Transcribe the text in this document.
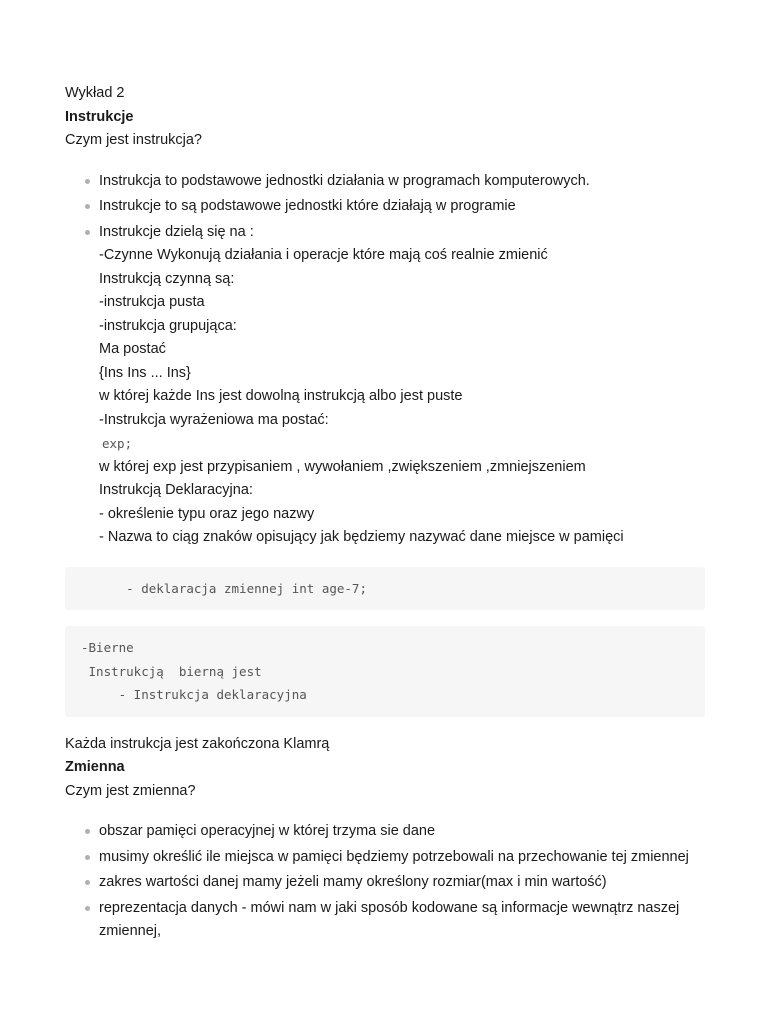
Wykład 2
Instrukcje
Czym jest instrukcja?
Instrukcja to podstawowe jednostki działania w programach komputerowych.
Instrukcje to są podstawowe jednostki które działają w programie
Instrukcje dzielą się na :
-Czynne Wykonują działania i operacje które mają coś realnie zmienić
Instrukcją czynną są:
-instrukcja pusta
-instrukcja grupująca:
Ma postać
{Ins Ins ... Ins}
w której każde Ins jest dowolną instrukcją albo jest puste
-Instrukcja wyrażeniowa ma postać:
exp;
w której exp jest przypisaniem , wywołaniem ,zwiększeniem ,zmniejszeniem
Instrukcją Deklaracyjna:
- określenie typu oraz jego nazwy
- Nazwa to ciąg znaków opisujący jak będziemy nazywać dane miejsce w pamięci
- deklaracja zmiennej int age-7;
-Bierne
Instrukcją  bierną jest
- Instrukcja deklaracyjna
Każda instrukcja jest zakończona Klamrą
Zmienna
Czym jest zmienna?
obszar pamięci operacyjnej w której trzyma sie dane
musimy określić ile miejsca w pamięci będziemy potrzebowali na przechowanie tej zmiennej
zakres wartości danej mamy jeżeli mamy określony rozmiar(max i min wartość)
reprezentacja danych - mówi nam w jaki sposób kodowane są informacje wewnątrz naszej zmiennej,
